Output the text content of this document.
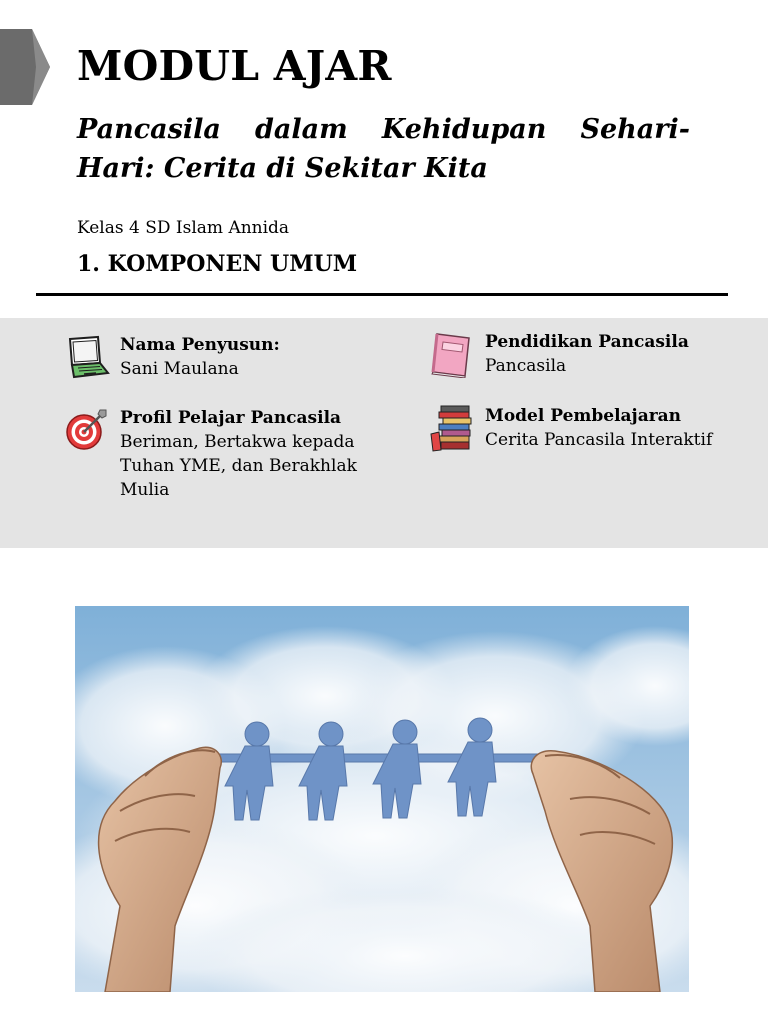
MODUL AJAR
Pancasila dalam Kehidupan Sehari-Hari: Cerita di Sekitar Kita
Kelas 4 SD Islam Annida
1. KOMPONEN UMUM
Nama Penyusun:
Sani Maulana
Profil Pelajar Pancasila
Beriman, Bertakwa kepada Tuhan YME, dan Berakhlak Mulia
Pendidikan Pancasila
Pancasila
Model Pembelajaran
Cerita Pancasila Interaktif
